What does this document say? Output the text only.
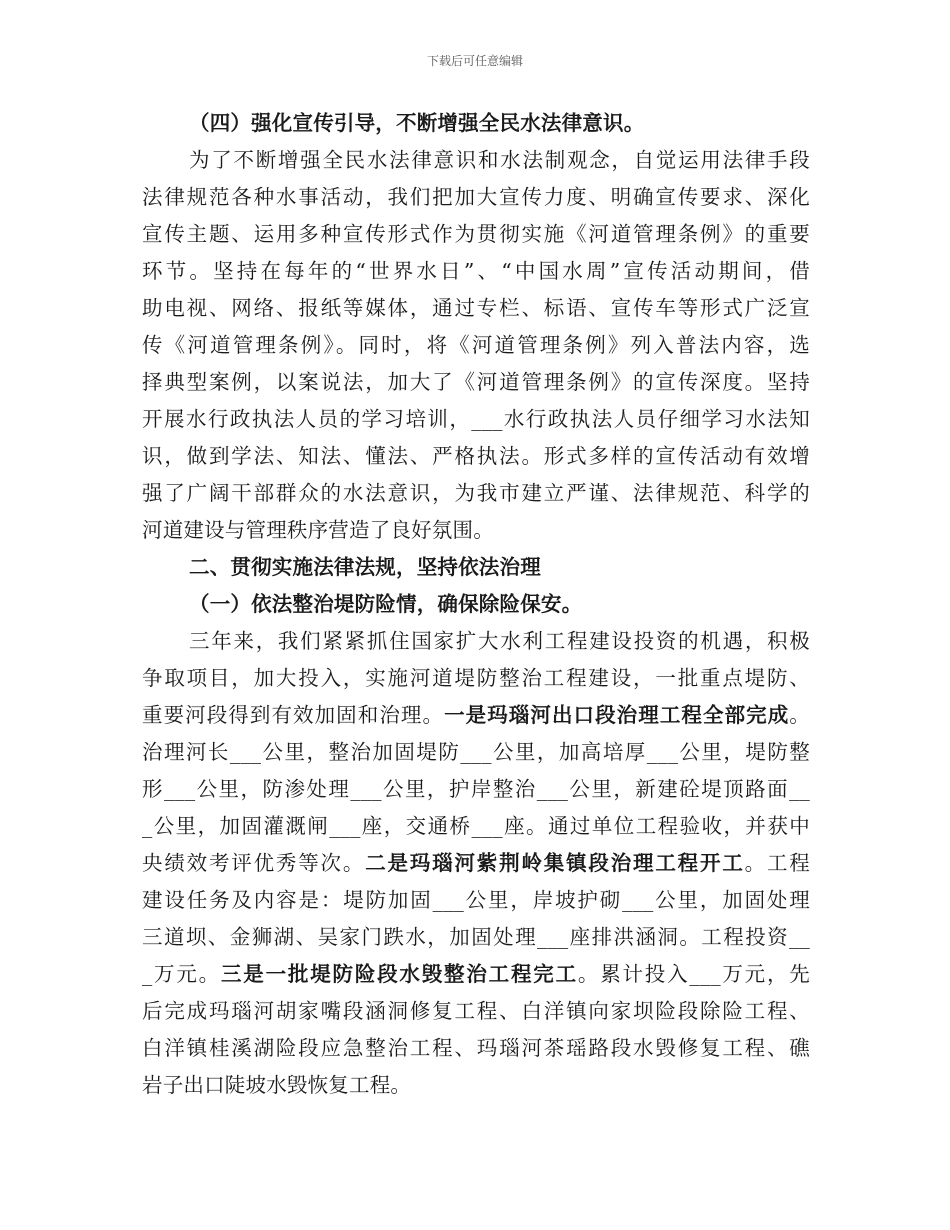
下载后可任意编辑
（四）强化宣传引导，不断增强全民水法律意识。
为了不断增强全民水法律意识和水法制观念，自觉运用法律手段
法律规范各种水事活动，我们把加大宣传力度、明确宣传要求、深化
宣传主题、运用多种宣传形式作为贯彻实施《河道管理条例》的重要
环节。坚持在每年的“世界水日”、“中国水周”宣传活动期间，借
助电视、网络、报纸等媒体，通过专栏、标语、宣传车等形式广泛宣
传《河道管理条例》。同时，将《河道管理条例》列入普法内容，选
择典型案例，以案说法，加大了《河道管理条例》的宣传深度。坚持
开展水行政执法人员的学习培训，___水行政执法人员仔细学习水法知
识，做到学法、知法、懂法、严格执法。形式多样的宣传活动有效增
强了广阔干部群众的水法意识，为我市建立严谨、法律规范、科学的
河道建设与管理秩序营造了良好氛围。
二、贯彻实施法律法规，坚持依法治理
（一）依法整治堤防险情，确保除险保安。
三年来，我们紧紧抓住国家扩大水利工程建设投资的机遇，积极
争取项目，加大投入，实施河道堤防整治工程建设，一批重点堤防、
重要河段得到有效加固和治理。一是玛瑙河出口段治理工程全部完成。
治理河长___公里，整治加固堤防___公里，加高培厚___公里，堤防整
形___公里，防渗处理___公里，护岸整治___公里，新建砼堤顶路面__
_公里，加固灌溉闸___座，交通桥___座。通过单位工程验收，并获中
央绩效考评优秀等次。二是玛瑙河紫荆岭集镇段治理工程开工。工程
建设任务及内容是：堤防加固___公里，岸坡护砌___公里，加固处理
三道坝、金狮湖、吴家门跌水，加固处理___座排洪涵洞。工程投资__
_万元。三是一批堤防险段水毁整治工程完工。累计投入___万元，先
后完成玛瑙河胡家嘴段涵洞修复工程、白洋镇向家坝险段除险工程、
白洋镇桂溪湖险段应急整治工程、玛瑙河茶瑶路段水毁修复工程、礁
岩子出口陡坡水毁恢复工程。
